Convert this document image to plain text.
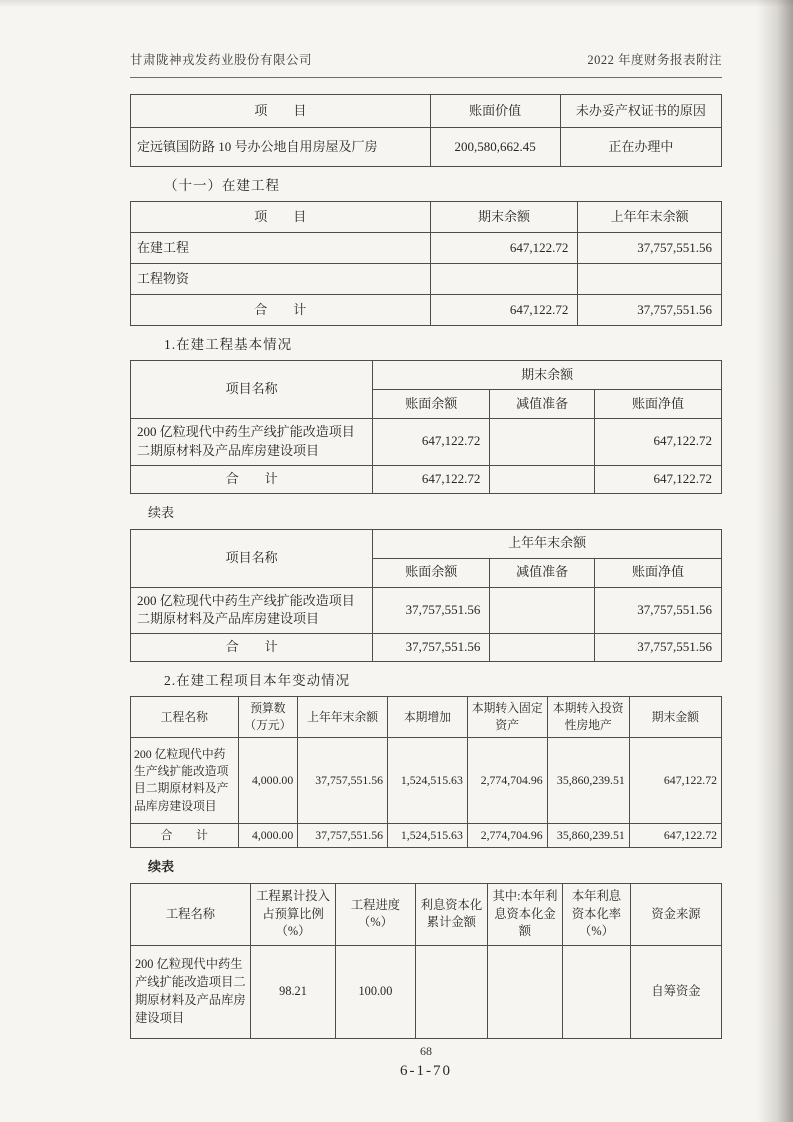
甘肃陇神戎发药业股份有限公司	2022 年度财务报表附注
项　　目	账面价值	未办妥产权证书的原因
定远镇国防路 10 号办公地自用房屋及厂房	200,580,662.45	正在办理中
（十一）在建工程
项　　目	期末余额	上年年末余额
在建工程	647,122.72	37,757,551.56
工程物资		
合　　计	647,122.72	37,757,551.56
1.在建工程基本情况
项目名称	期末余额		
	账面余额	减值准备	账面净值
200 亿粒现代中药生产线扩能改造项目二期原材料及产品库房建设项目	647,122.72		647,122.72
合　　计	647,122.72		647,122.72
续表
项目名称	上年年末余额		
	账面余额	减值准备	账面净值
200 亿粒现代中药生产线扩能改造项目二期原材料及产品库房建设项目	37,757,551.56		37,757,551.56
合　　计	37,757,551.56		37,757,551.56
2.在建工程项目本年变动情况
工程名称	预算数（万元）	上年年末余额	本期增加	本期转入固定资产	本期转入投资性房地产	期末金额
200 亿粒现代中药生产线扩能改造项目二期原材料及产品库房建设项目	4,000.00	37,757,551.56	1,524,515.63	2,774,704.96	35,860,239.51	647,122.72
合　　计	4,000.00	37,757,551.56	1,524,515.63	2,774,704.96	35,860,239.51	647,122.72
续表
工程名称	工程累计投入占预算比例（%）	工程进度（%）	利息资本化累计金额	其中:本年利息资本化金额	本年利息资本化率（%）	资金来源
200 亿粒现代中药生产线扩能改造项目二期原材料及产品库房建设项目	98.21	100.00				自筹资金
68
6-1-70
